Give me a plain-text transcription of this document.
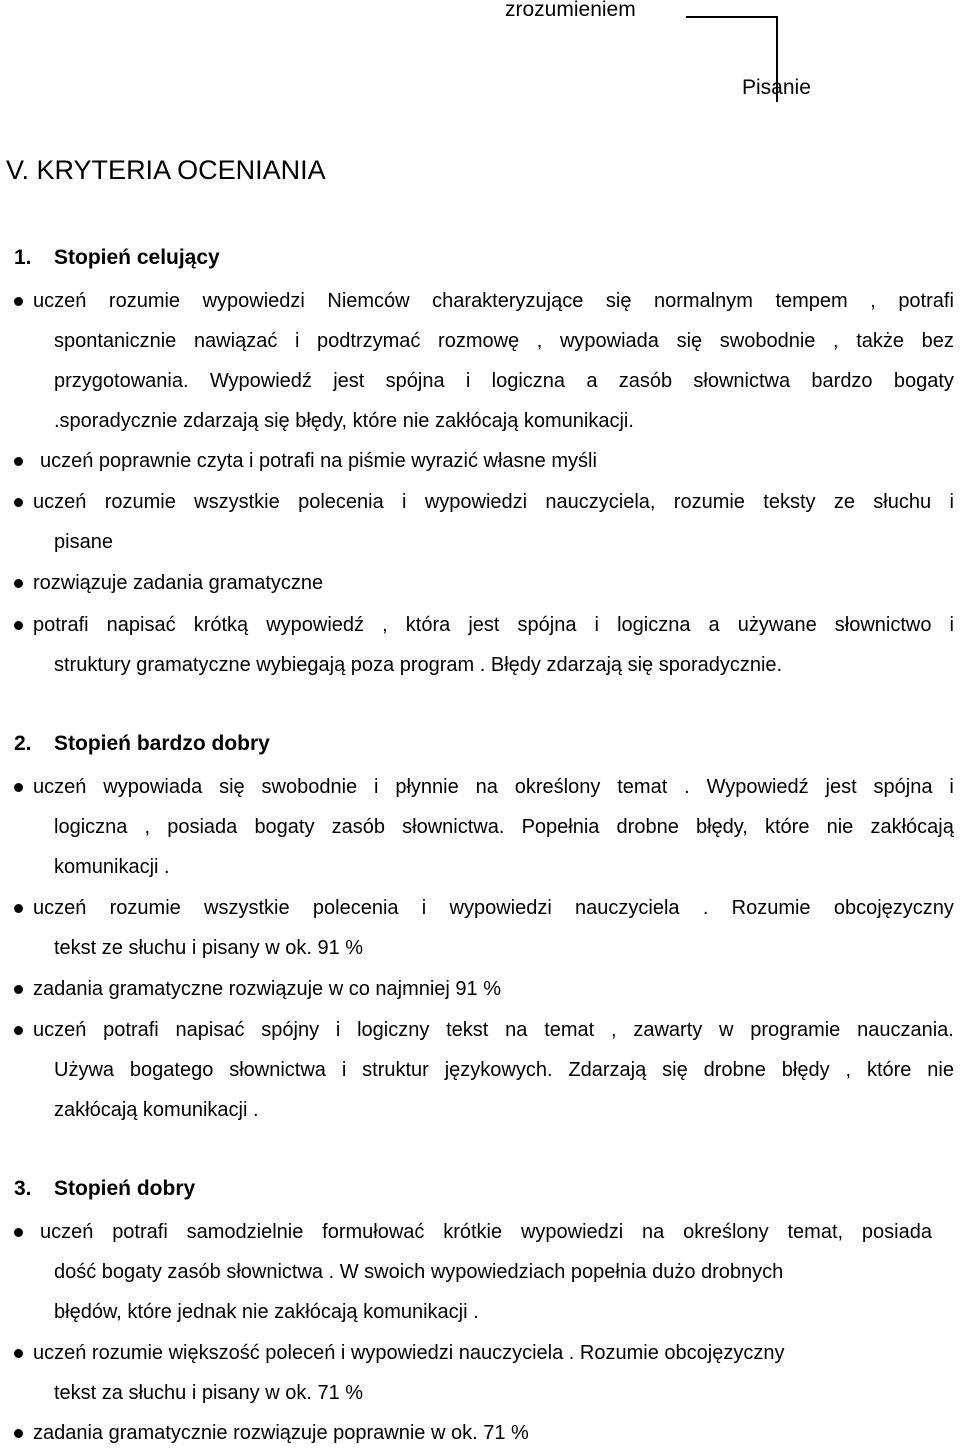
zrozumieniem
Pisanie
V. KRYTERIA OCENIANIA
1. Stopień celujący
uczeń rozumie wypowiedzi Niemców charakteryzujące się normalnym tempem , potrafi
spontanicznie nawiązać i podtrzymać rozmowę , wypowiada się swobodnie , także bez
przygotowania. Wypowiedź jest spójna i logiczna a zasób słownictwa bardzo bogaty
.sporadycznie zdarzają się błędy, które nie zakłócają komunikacji.
uczeń poprawnie czyta i potrafi na piśmie wyrazić własne myśli
uczeń rozumie wszystkie polecenia i wypowiedzi nauczyciela, rozumie teksty ze słuchu i
pisane
rozwiązuje zadania gramatyczne
potrafi napisać krótką wypowiedź , która jest spójna i logiczna a używane słownictwo i
struktury gramatyczne wybiegają poza program . Błędy zdarzają się sporadycznie.
2. Stopień bardzo dobry
uczeń wypowiada się swobodnie i płynnie na określony temat . Wypowiedź jest spójna i
logiczna , posiada bogaty zasób słownictwa. Popełnia drobne błędy, które nie zakłócają
komunikacji .
uczeń rozumie wszystkie polecenia i wypowiedzi nauczyciela . Rozumie obcojęzyczny
tekst ze słuchu i pisany w ok. 91 %
zadania gramatyczne rozwiązuje w co najmniej 91 %
uczeń potrafi napisać spójny i logiczny tekst na temat , zawarty w programie nauczania.
Używa bogatego słownictwa i struktur językowych. Zdarzają się drobne błędy , które nie
zakłócają komunikacji .
3. Stopień dobry
uczeń potrafi samodzielnie formułować krótkie wypowiedzi na określony temat, posiada
dość bogaty zasób słownictwa . W swoich wypowiedziach popełnia dużo drobnych
błędów, które jednak nie zakłócają komunikacji .
uczeń rozumie większość poleceń i wypowiedzi nauczyciela . Rozumie obcojęzyczny
tekst za słuchu i pisany w ok. 71 %
zadania gramatycznie rozwiązuje poprawnie w ok. 71 %
